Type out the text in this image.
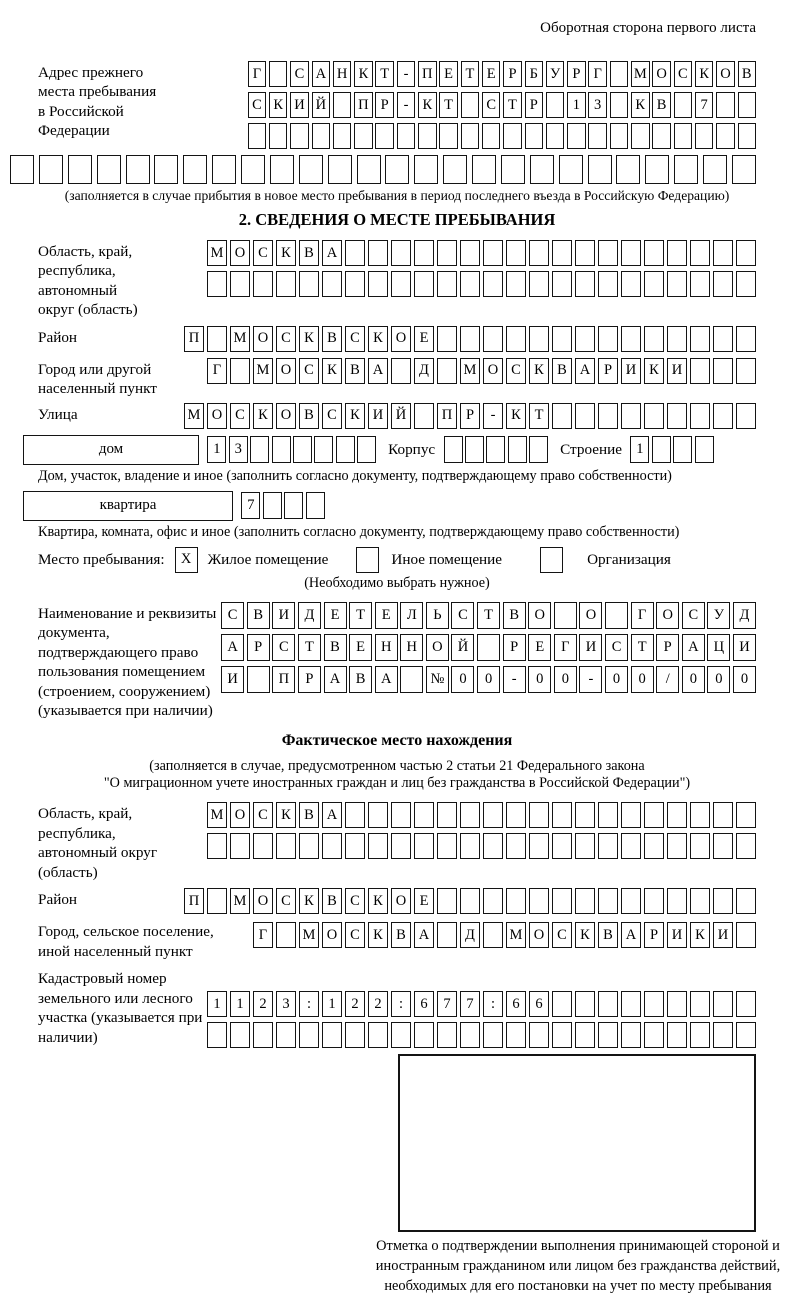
Оборотная сторона первого листа
Адрес прежнего места пребывания в Российской Федерации
Г	С А Н К Т - П Е Т Е Р Б У Р Г	М О С К О В
С К И Й П Р	- К Т	С Т Р	1 3	К В	7
(заполняется в случае прибытия в новое место пребывания в период последнего въезда в Российскую Федерацию)
2. СВЕДЕНИЯ О МЕСТЕ ПРЕБЫВАНИЯ
Область, край, республика, автономный округ (область)
М О С К В А
Район	П	М О С К В С К О Е
Город или другой населенный пункт
Г	М О С К В А	Д	М О С К В А Р И К И
Улица	М О С К О В С К И Й	П Р	-	К Т
дом	1 3	Корпус	Строение 1
Дом, участок, владение и иное (заполнить согласно документу, подтверждающему право собственности)
квартира	7
Квартира, комната, офис и иное (заполнить согласно документу, подтверждающему право собственности)
Место пребывания:	X	Жилое помещение	Иное помещение	Организация
(Необходимо выбрать нужное)
Наименование и реквизиты документа, подтверждающего право пользования помещением (строением, сооружением) (указывается при наличии)
С	В	И	Д	Е	Т	Е	Л	Ь	С	Т	В	О	О	Г	О	С	У	Д
А	Р	С	Т	В	Е	Н	Н	О	Й	Р	Е	Г	И	С	Т	Р	А	Ц	И
И	П	Р	А	В	А	№	0	0	-	0	0	-	0	0	/	0	0	0
Фактическое место нахождения
(заполняется в случае, предусмотренном частью 2 статьи 21 Федерального закона
"О миграционном учете иностранных граждан и лиц без гражданства в Российской Федерации")
Область, край, республика, автономный округ (область)
М О С К В А
Район	П	М О С К В С К О Е
Город, сельское поселение, иной населенный пункт
Г	М О С К В А	Д	М О С К В А Р И К И
Кадастровый номер земельного или лесного участка (указывается при наличии)
1	1	2	3	:	1	2	2	:	6	7	7	:	6	6
Отметка о подтверждении выполнения принимающей стороной и иностранным гражданином или лицом без гражданства действий, необходимых для его постановки на учет по месту пребывания
